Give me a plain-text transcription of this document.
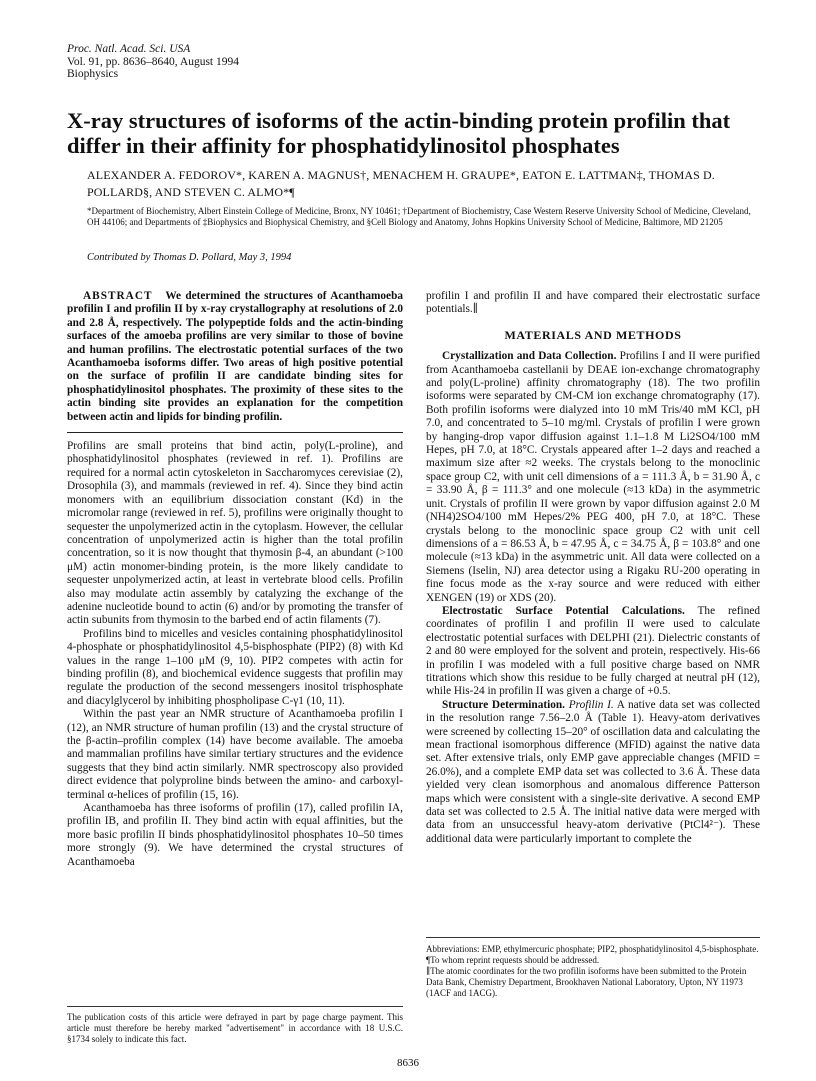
Proc. Natl. Acad. Sci. USA
Vol. 91, pp. 8636–8640, August 1994
Biophysics
X-ray structures of isoforms of the actin-binding protein profilin that differ in their affinity for phosphatidylinositol phosphates
ALEXANDER A. FEDOROV*, KAREN A. MAGNUS†, MENACHEM H. GRAUPE*, EATON E. LATTMAN‡, THOMAS D. POLLARD§, AND STEVEN C. ALMO*¶
*Department of Biochemistry, Albert Einstein College of Medicine, Bronx, NY 10461; †Department of Biochemistry, Case Western Reserve University School of Medicine, Cleveland, OH 44106; and Departments of ‡Biophysics and Biophysical Chemistry, and §Cell Biology and Anatomy, Johns Hopkins University School of Medicine, Baltimore, MD 21205
Contributed by Thomas D. Pollard, May 3, 1994

ABSTRACT We determined the structures of Acanthamoeba profilin I and profilin II by x-ray crystallography at resolutions of 2.0 and 2.8 Å, respectively. The polypeptide folds and the actin-binding surfaces of the amoeba profilins are very similar to those of bovine and human profilins. The electrostatic potential surfaces of the two Acanthamoeba isoforms differ. Two areas of high positive potential on the surface of profilin II are candidate binding sites for phosphatidylinositol phosphates. The proximity of these sites to the actin binding site provides an explanation for the competition between actin and lipids for binding profilin.

Profilins are small proteins that bind actin, poly(L-proline), and phosphatidylinositol phosphates (reviewed in ref. 1). Profilins are required for a normal actin cytoskeleton in Saccharomyces cerevisiae (2), Drosophila (3), and mammals (reviewed in ref. 4). Since they bind actin monomers with an equilibrium dissociation constant (Kd) in the micromolar range (reviewed in ref. 5), profilins were originally thought to sequester the unpolymerized actin in the cytoplasm. However, the cellular concentration of unpolymerized actin is higher than the total profilin concentration, so it is now thought that thymosin β-4, an abundant (>100 μM) actin monomer-binding protein, is the more likely candidate to sequester unpolymerized actin, at least in vertebrate blood cells. Profilin also may modulate actin assembly by catalyzing the exchange of the adenine nucleotide bound to actin (6) and/or by promoting the transfer of actin subunits from thymosin to the barbed end of actin filaments (7).

Profilins bind to micelles and vesicles containing phosphatidylinositol 4-phosphate or phosphatidylinositol 4,5-bisphosphate (PIP2) (8) with Kd values in the range 1–100 μM (9, 10). PIP2 competes with actin for binding profilin (8), and biochemical evidence suggests that profilin may regulate the production of the second messengers inositol trisphosphate and diacylglycerol by inhibiting phospholipase C-γ1 (10, 11).

Within the past year an NMR structure of Acanthamoeba profilin I (12), an NMR structure of human profilin (13) and the crystal structure of the β-actin–profilin complex (14) have become available. The amoeba and mammalian profilins have similar tertiary structures and the evidence suggests that they bind actin similarly. NMR spectroscopy also provided direct evidence that polyproline binds between the amino- and carboxyl-terminal α-helices of profilin (15, 16).

Acanthamoeba has three isoforms of profilin (17), called profilin IA, profilin IB, and profilin II. They bind actin with equal affinities, but the more basic profilin II binds phosphatidylinositol phosphates 10–50 times more strongly (9). We have determined the crystal structures of Acanthamoeba

profilin I and profilin II and have compared their electrostatic surface potentials.∥

MATERIALS AND METHODS

Crystallization and Data Collection. Profilins I and II were purified from Acanthamoeba castellanii by DEAE ion-exchange chromatography and poly(L-proline) affinity chromatography (18). The two profilin isoforms were separated by CM-CM ion exchange chromatography (17). Both profilin isoforms were dialyzed into 10 mM Tris/40 mM KCl, pH 7.0, and concentrated to 5–10 mg/ml. Crystals of profilin I were grown by hanging-drop vapor diffusion against 1.1–1.8 M Li2SO4/100 mM Hepes, pH 7.0, at 18°C. Crystals appeared after 1–2 days and reached a maximum size after ≈2 weeks. The crystals belong to the monoclinic space group C2, with unit cell dimensions of a = 111.3 Å, b = 31.90 Å, c = 33.90 Å, β = 111.3° and one molecule (≈13 kDa) in the asymmetric unit. Crystals of profilin II were grown by vapor diffusion against 2.0 M (NH4)2SO4/100 mM Hepes/2% PEG 400, pH 7.0, at 18°C. These crystals belong to the monoclinic space group C2 with unit cell dimensions of a = 86.53 Å, b = 47.95 Å, c = 34.75 Å, β = 103.8° and one molecule (≈13 kDa) in the asymmetric unit. All data were collected on a Siemens (Iselin, NJ) area detector using a Rigaku RU-200 operating in fine focus mode as the x-ray source and were reduced with either XENGEN (19) or XDS (20).

Electrostatic Surface Potential Calculations. The refined coordinates of profilin I and profilin II were used to calculate electrostatic potential surfaces with DELPHI (21). Dielectric constants of 2 and 80 were employed for the solvent and protein, respectively. His-66 in profilin I was modeled with a full positive charge based on NMR titrations which show this residue to be fully charged at neutral pH (12), while His-24 in profilin II was given a charge of +0.5.

Structure Determination. Profilin I. A native data set was collected in the resolution range 7.56–2.0 Å (Table 1). Heavy-atom derivatives were screened by collecting 15–20° of oscillation data and calculating the mean fractional isomorphous difference (MFID) against the native data set. After extensive trials, only EMP gave appreciable changes (MFID = 26.0%), and a complete EMP data set was collected to 3.6 Å. These data yielded very clean isomorphous and anomalous difference Patterson maps which were consistent with a single-site derivative. A second EMP data set was collected to 2.5 Å. The initial native data were merged with data from an unsuccessful heavy-atom derivative (PtCl4²⁻). These additional data were particularly important to complete the

The publication costs of this article were defrayed in part by page charge payment. This article must therefore be hereby marked "advertisement" in accordance with 18 U.S.C. §1734 solely to indicate this fact.

Abbreviations: EMP, ethylmercuric phosphate; PIP2, phosphatidylinositol 4,5-bisphosphate.

¶To whom reprint requests should be addressed.

∥The atomic coordinates for the two profilin isoforms have been submitted to the Protein Data Bank, Chemistry Department, Brookhaven National Laboratory, Upton, NY 11973 (1ACF and 1ACG).

8636
